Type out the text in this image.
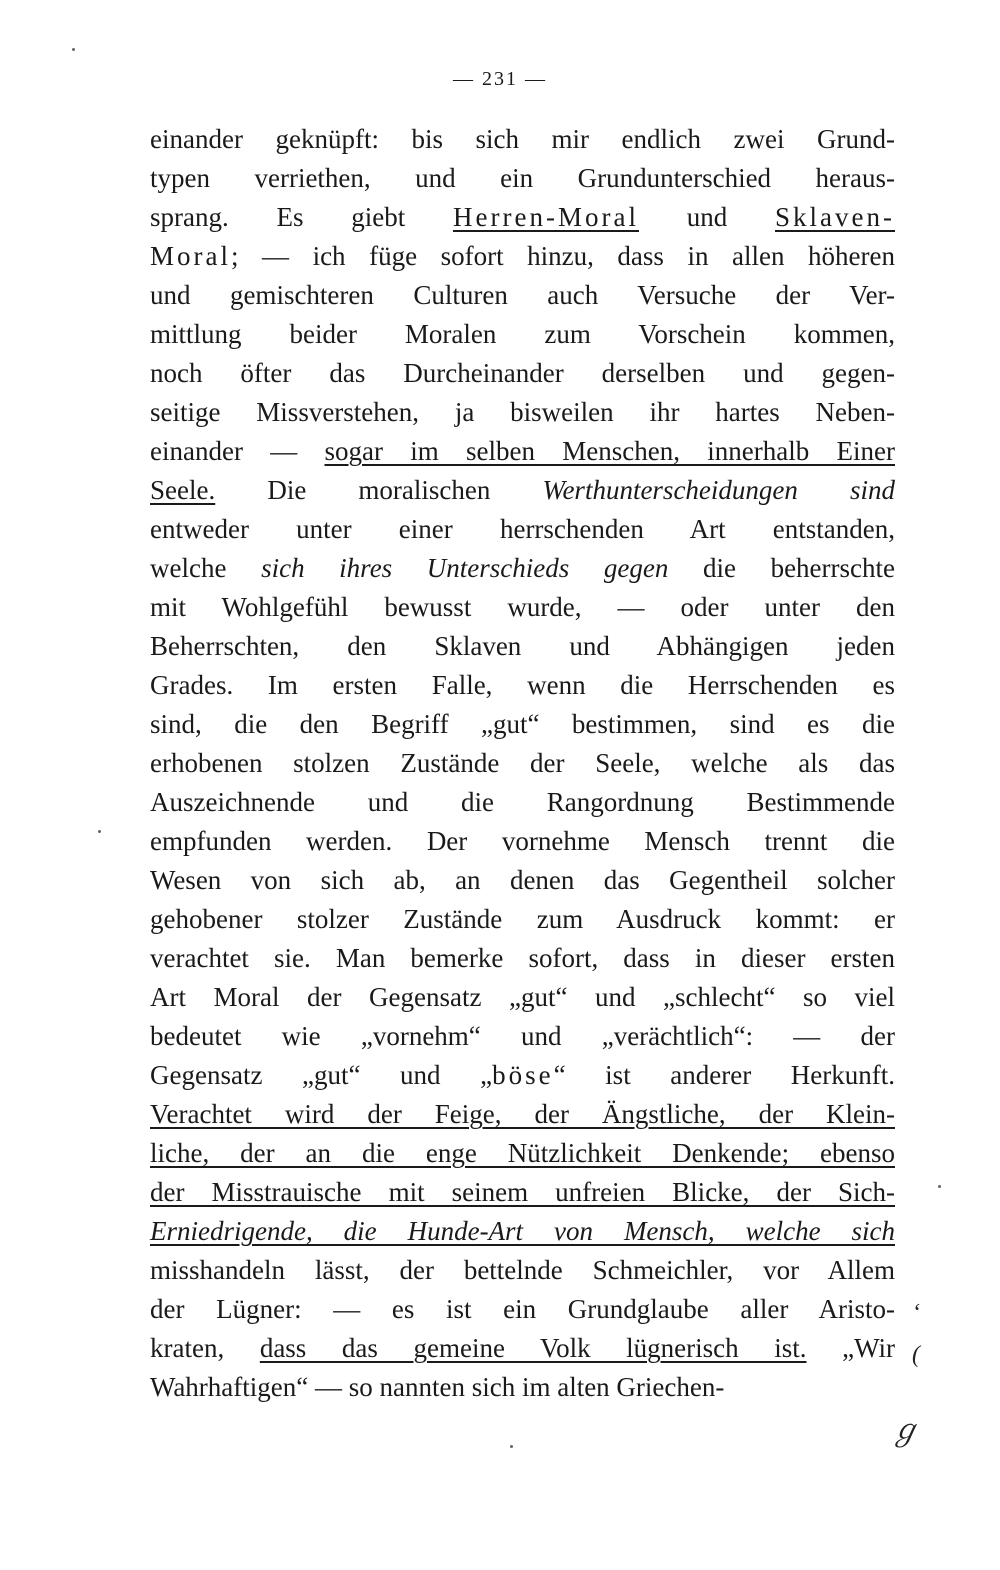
— 231 —
einander geknüpft: bis sich mir endlich zwei Grund-
typen verriethen, und ein Grundunterschied heraus-
sprang. Es giebt Herren-Moral und Sklaven-
Moral; — ich füge sofort hinzu, dass in allen höheren
und gemischteren Culturen auch Versuche der Ver-
mittlung beider Moralen zum Vorschein kommen,
noch öfter das Durcheinander derselben und gegen-
seitige Missverstehen, ja bisweilen ihr hartes Neben-
einander — sogar im selben Menschen, innerhalb Einer
Seele. Die moralischen Werthunterscheidungen sind
entweder unter einer herrschenden Art entstanden,
welche sich ihres Unterschieds gegen die beherrschte
mit Wohlgefühl bewusst wurde, — oder unter den
Beherrschten, den Sklaven und Abhängigen jeden
Grades. Im ersten Falle, wenn die Herrschenden es
sind, die den Begriff „gut“ bestimmen, sind es die
erhobenen stolzen Zustände der Seele, welche als das
Auszeichnende und die Rangordnung Bestimmende
empfunden werden. Der vornehme Mensch trennt die
Wesen von sich ab, an denen das Gegentheil solcher
gehobener stolzer Zustände zum Ausdruck kommt: er
verachtet sie. Man bemerke sofort, dass in dieser ersten
Art Moral der Gegensatz „gut“ und „schlecht“ so viel
bedeutet wie „vornehm“ und „verächtlich“: — der
Gegensatz „gut“ und „böse“ ist anderer Herkunft.
Verachtet wird der Feige, der Ängstliche, der Klein-
liche, der an die enge Nützlichkeit Denkende; ebenso
der Misstrauische mit seinem unfreien Blicke, der Sich-
Erniedrigende, die Hunde-Art von Mensch, welche sich
misshandeln lässt, der bettelnde Schmeichler, vor Allem
der Lügner: — es ist ein Grundglaube aller Aristo-
kraten, dass das gemeine Volk lügnerisch ist. „Wir
Wahrhaftigen“ — so nannten sich im alten Griechen-
‘
(
ℊ
